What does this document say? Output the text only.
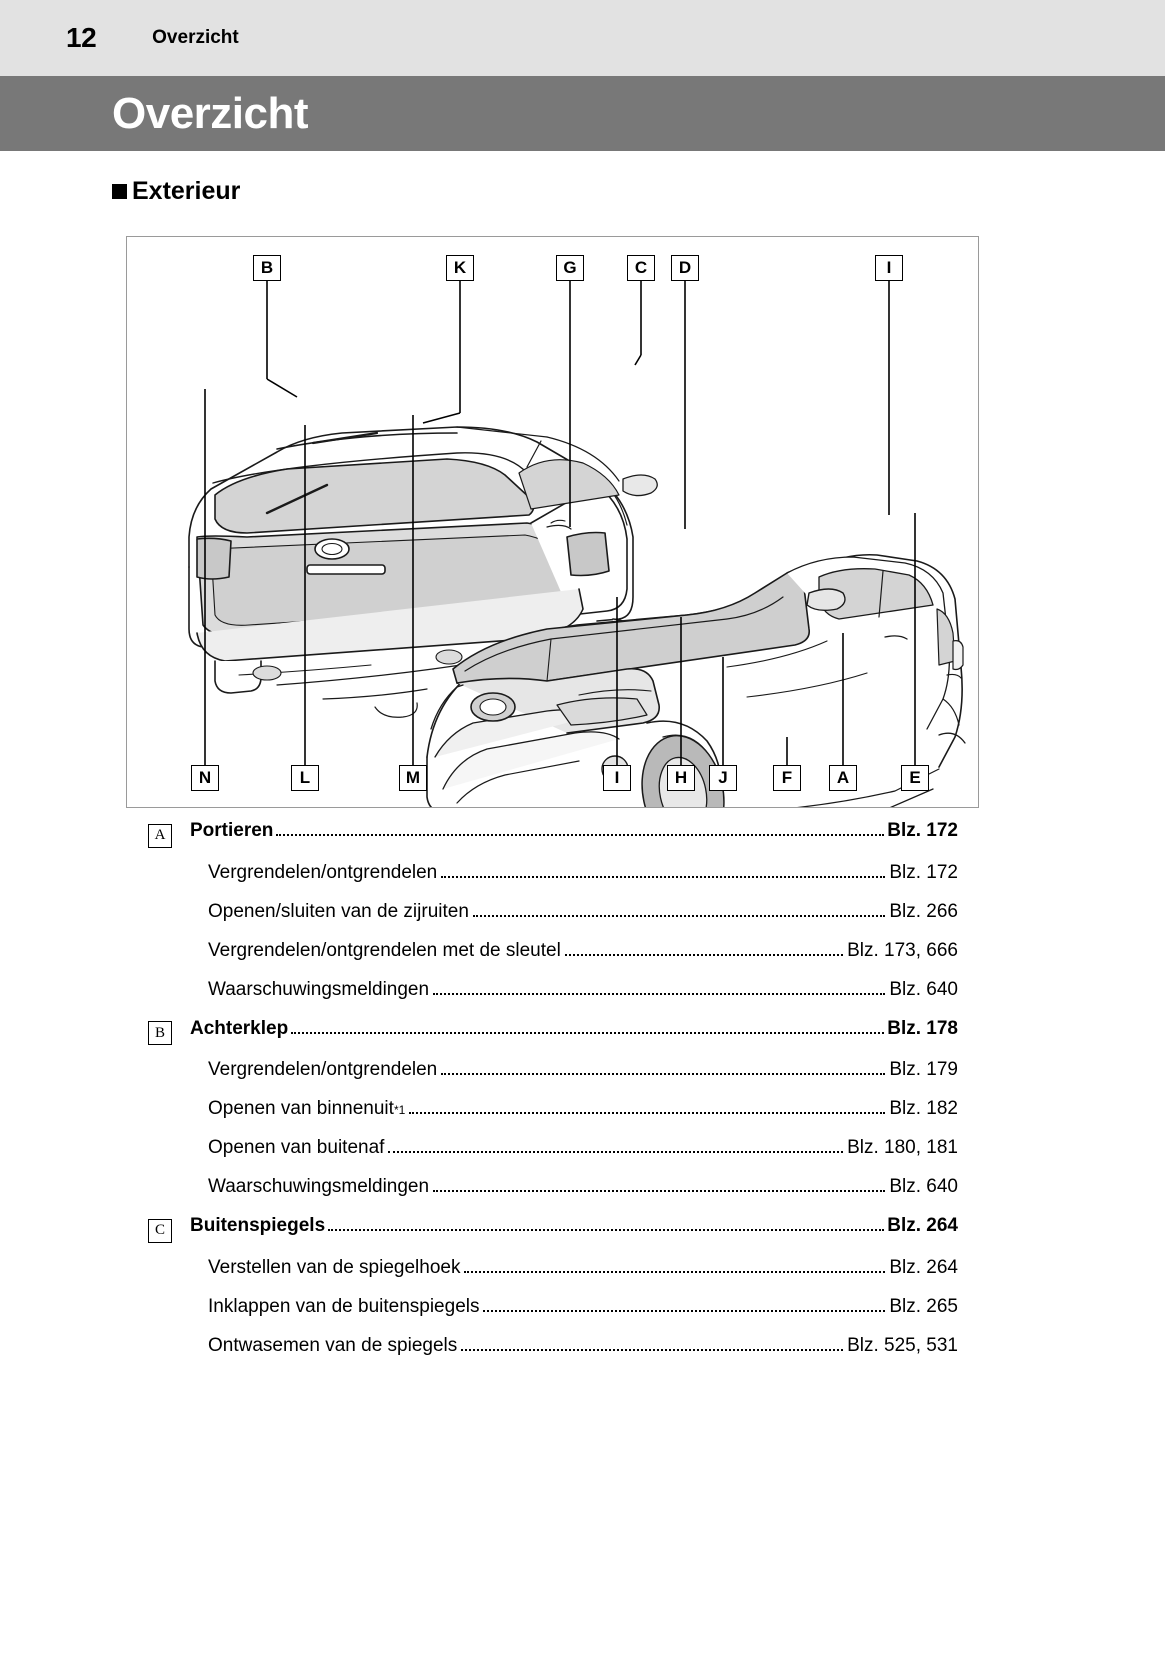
12	Overzicht
Overzicht
Exterieur
B	K	G	C	D	I
N	L	M	I	H	J	F	A	E
A	Portieren	Blz. 172
Vergrendelen/ontgrendelen	Blz. 172
Openen/sluiten van de zijruiten	Blz. 266
Vergrendelen/ontgrendelen met de sleutel	Blz. 173, 666
Waarschuwingsmeldingen	Blz. 640
B	Achterklep	Blz. 178
Vergrendelen/ontgrendelen	Blz. 179
Openen van binnenuit *1	Blz. 182
Openen van buitenaf	Blz. 180, 181
Waarschuwingsmeldingen	Blz. 640
C	Buitenspiegels	Blz. 264
Verstellen van de spiegelhoek	Blz. 264
Inklappen van de buitenspiegels	Blz. 265
Ontwasemen van de spiegels	Blz. 525, 531
